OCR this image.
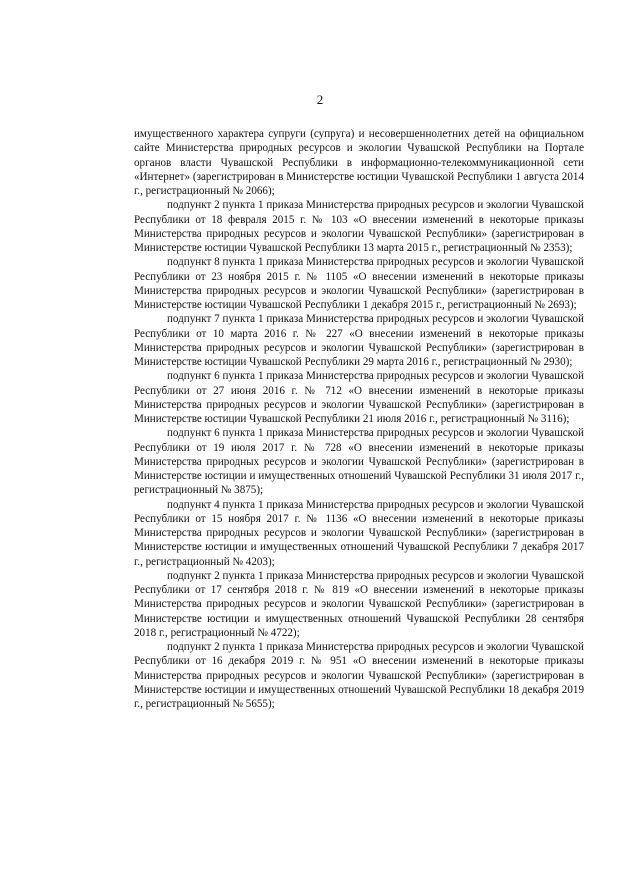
2

имущественного характера супруги (супруга) и несовершеннолетних детей на официальном сайте Министерства природных ресурсов и экологии Чувашской Республики на Портале органов власти Чувашской Республики в информационно-телекоммуникационной сети «Интернет» (зарегистрирован в Министерстве юстиции Чувашской Республики 1 августа 2014 г., регистрационный № 2066);

подпункт 2 пункта 1 приказа Министерства природных ресурсов и экологии Чувашской Республики от 18 февраля 2015 г. № 103 «О внесении изменений в некоторые приказы Министерства природных ресурсов и экологии Чувашской Республики» (зарегистрирован в Министерстве юстиции Чувашской Республики 13 марта 2015 г., регистрационный № 2353);

подпункт 8 пункта 1 приказа Министерства природных ресурсов и экологии Чувашской Республики от 23 ноября 2015 г. № 1105 «О внесении изменений в некоторые приказы Министерства природных ресурсов и экологии Чувашской Республики» (зарегистрирован в Министерстве юстиции Чувашской Республики 1 декабря 2015 г., регистрационный № 2693);

подпункт 7 пункта 1 приказа Министерства природных ресурсов и экологии Чувашской Республики от 10 марта 2016 г. № 227 «О внесении изменений в некоторые приказы Министерства природных ресурсов и экологии Чувашской Республики» (зарегистрирован в Министерстве юстиции Чувашской Республики 29 марта 2016 г., регистрационный № 2930);

подпункт 6 пункта 1 приказа Министерства природных ресурсов и экологии Чувашской Республики от 27 июня 2016 г. № 712 «О внесении изменений в некоторые приказы Министерства природных ресурсов и экологии Чувашской Республики» (зарегистрирован в Министерстве юстиции Чувашской Республики 21 июля 2016 г., регистрационный № 3116);

подпункт 6 пункта 1 приказа Министерства природных ресурсов и экологии Чувашской Республики от 19 июля 2017 г. № 728 «О внесении изменений в некоторые приказы Министерства природных ресурсов и экологии Чувашской Республики» (зарегистрирован в Министерстве юстиции и имущественных отношений Чувашской Республики 31 июля 2017 г., регистрационный № 3875);

подпункт 4 пункта 1 приказа Министерства природных ресурсов и экологии Чувашской Республики от 15 ноября 2017 г. № 1136 «О внесении изменений в некоторые приказы Министерства природных ресурсов и экологии Чувашской Республики» (зарегистрирован в Министерстве юстиции и имущественных отношений Чувашской Республики 7 декабря 2017 г., регистрационный № 4203);

подпункт 2 пункта 1 приказа Министерства природных ресурсов и экологии Чувашской Республики от 17 сентября 2018 г. № 819 «О внесении изменений в некоторые приказы Министерства природных ресурсов и экологии Чувашской Республики» (зарегистрирован в Министерстве юстиции и имущественных отношений Чувашской Республики 28 сентября 2018 г., регистрационный № 4722);

подпункт 2 пункта 1 приказа Министерства природных ресурсов и экологии Чувашской Республики от 16 декабря 2019 г. № 951 «О внесении изменений в некоторые приказы Министерства природных ресурсов и экологии Чувашской Республики» (зарегистрирован в Министерстве юстиции и имущественных отношений Чувашской Республики 18 декабря 2019 г., регистрационный № 5655);
